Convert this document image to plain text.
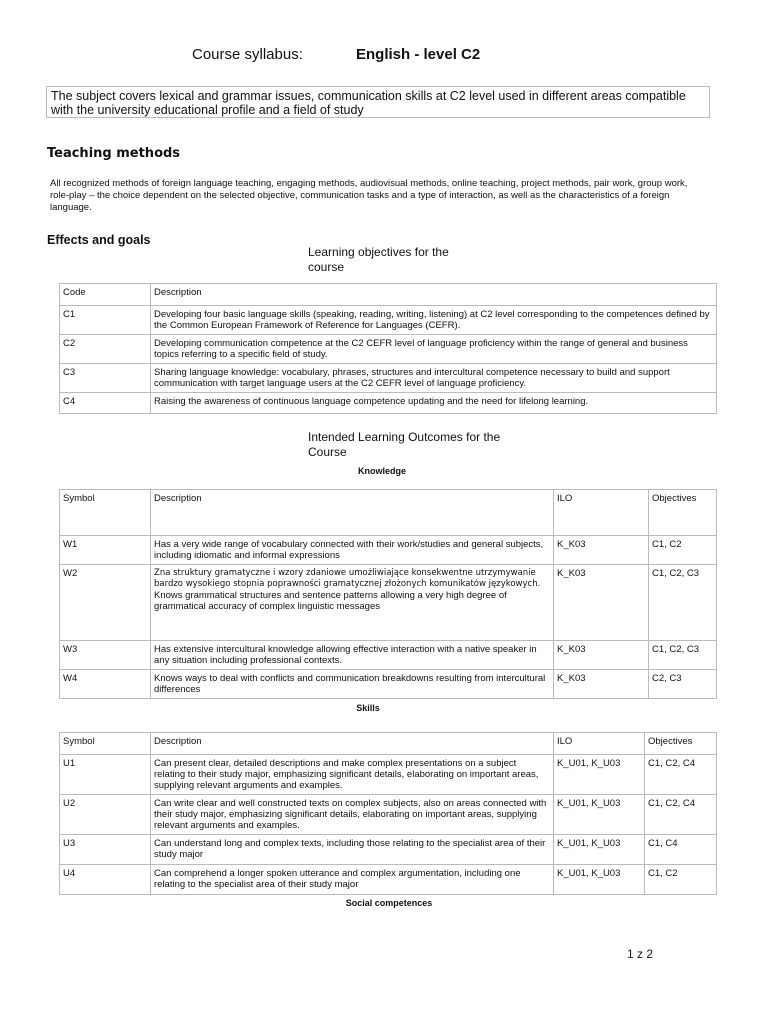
Course syllabus:	English - level C2
The subject covers lexical and grammar issues, communication skills at C2 level used in different areas compatible with the university educational profile and a field of study
Teaching methods
All recognized methods of foreign language teaching, engaging methods, audiovisual methods, online teaching, project methods, pair work, group work, role-play – the choice dependent on the selected objective, communication tasks and a type of interaction, as well as the characteristics of a foreign language.
Effects and goals
Learning objectives for the course
Code	Description
C1	Developing four basic language skills (speaking, reading, writing, listening) at C2 level corresponding to the competences defined by the Common European Framework of Reference for Languages (CEFR).
C2	Developing communication competence at the C2 CEFR level of language proficiency within the range of general and business topics referring to a specific field of study.
C3	Sharing language knowledge: vocabulary, phrases, structures and intercultural competence necessary to build and support communication with target language users at the C2 CEFR level of language proficiency.
C4	Raising the awareness of continuous language competence updating and the need for lifelong learning.
Intended Learning Outcomes for the Course
Knowledge
Symbol	Description	ILO	Objectives
W1	Has a very wide range of vocabulary connected with their work/studies and general subjects, including idiomatic and informal expressions	K_K03	C1, C2
W2	Zna struktury gramatyczne i wzory zdaniowe umożliwiające konsekwentne utrzymywanie bardzo wysokiego stopnia poprawności gramatycznej złożonych komunikatów językowych.
Knows grammatical structures and sentence patterns allowing a very high degree of grammatical accuracy of complex linguistic messages	K_K03	C1, C2, C3
W3	Has extensive intercultural knowledge allowing effective interaction with a native speaker in any situation including professional contexts.	K_K03	C1, C2, C3
W4	Knows ways to deal with conflicts and communication breakdowns resulting from intercultural differences	K_K03	C2, C3
Skills
Symbol	Description	ILO	Objectives
U1	Can present clear, detailed descriptions and make complex presentations on a subject relating to their study major, emphasizing significant details, elaborating on important areas, supplying relevant arguments and examples.	K_U01, K_U03	C1, C2, C4
U2	Can write clear and well constructed texts on complex subjects, also on areas connected with their study major, emphasizing significant details, elaborating on important areas, supplying relevant arguments and examples.	K_U01, K_U03	C1, C2, C4
U3	Can understand long and complex texts, including those relating to the specialist area of their study major	K_U01, K_U03	C1, C4
U4	Can comprehend a longer spoken utterance and complex argumentation, including one relating to the specialist area of their study major	K_U01, K_U03	C1, C2
Social competences
1 z 2
